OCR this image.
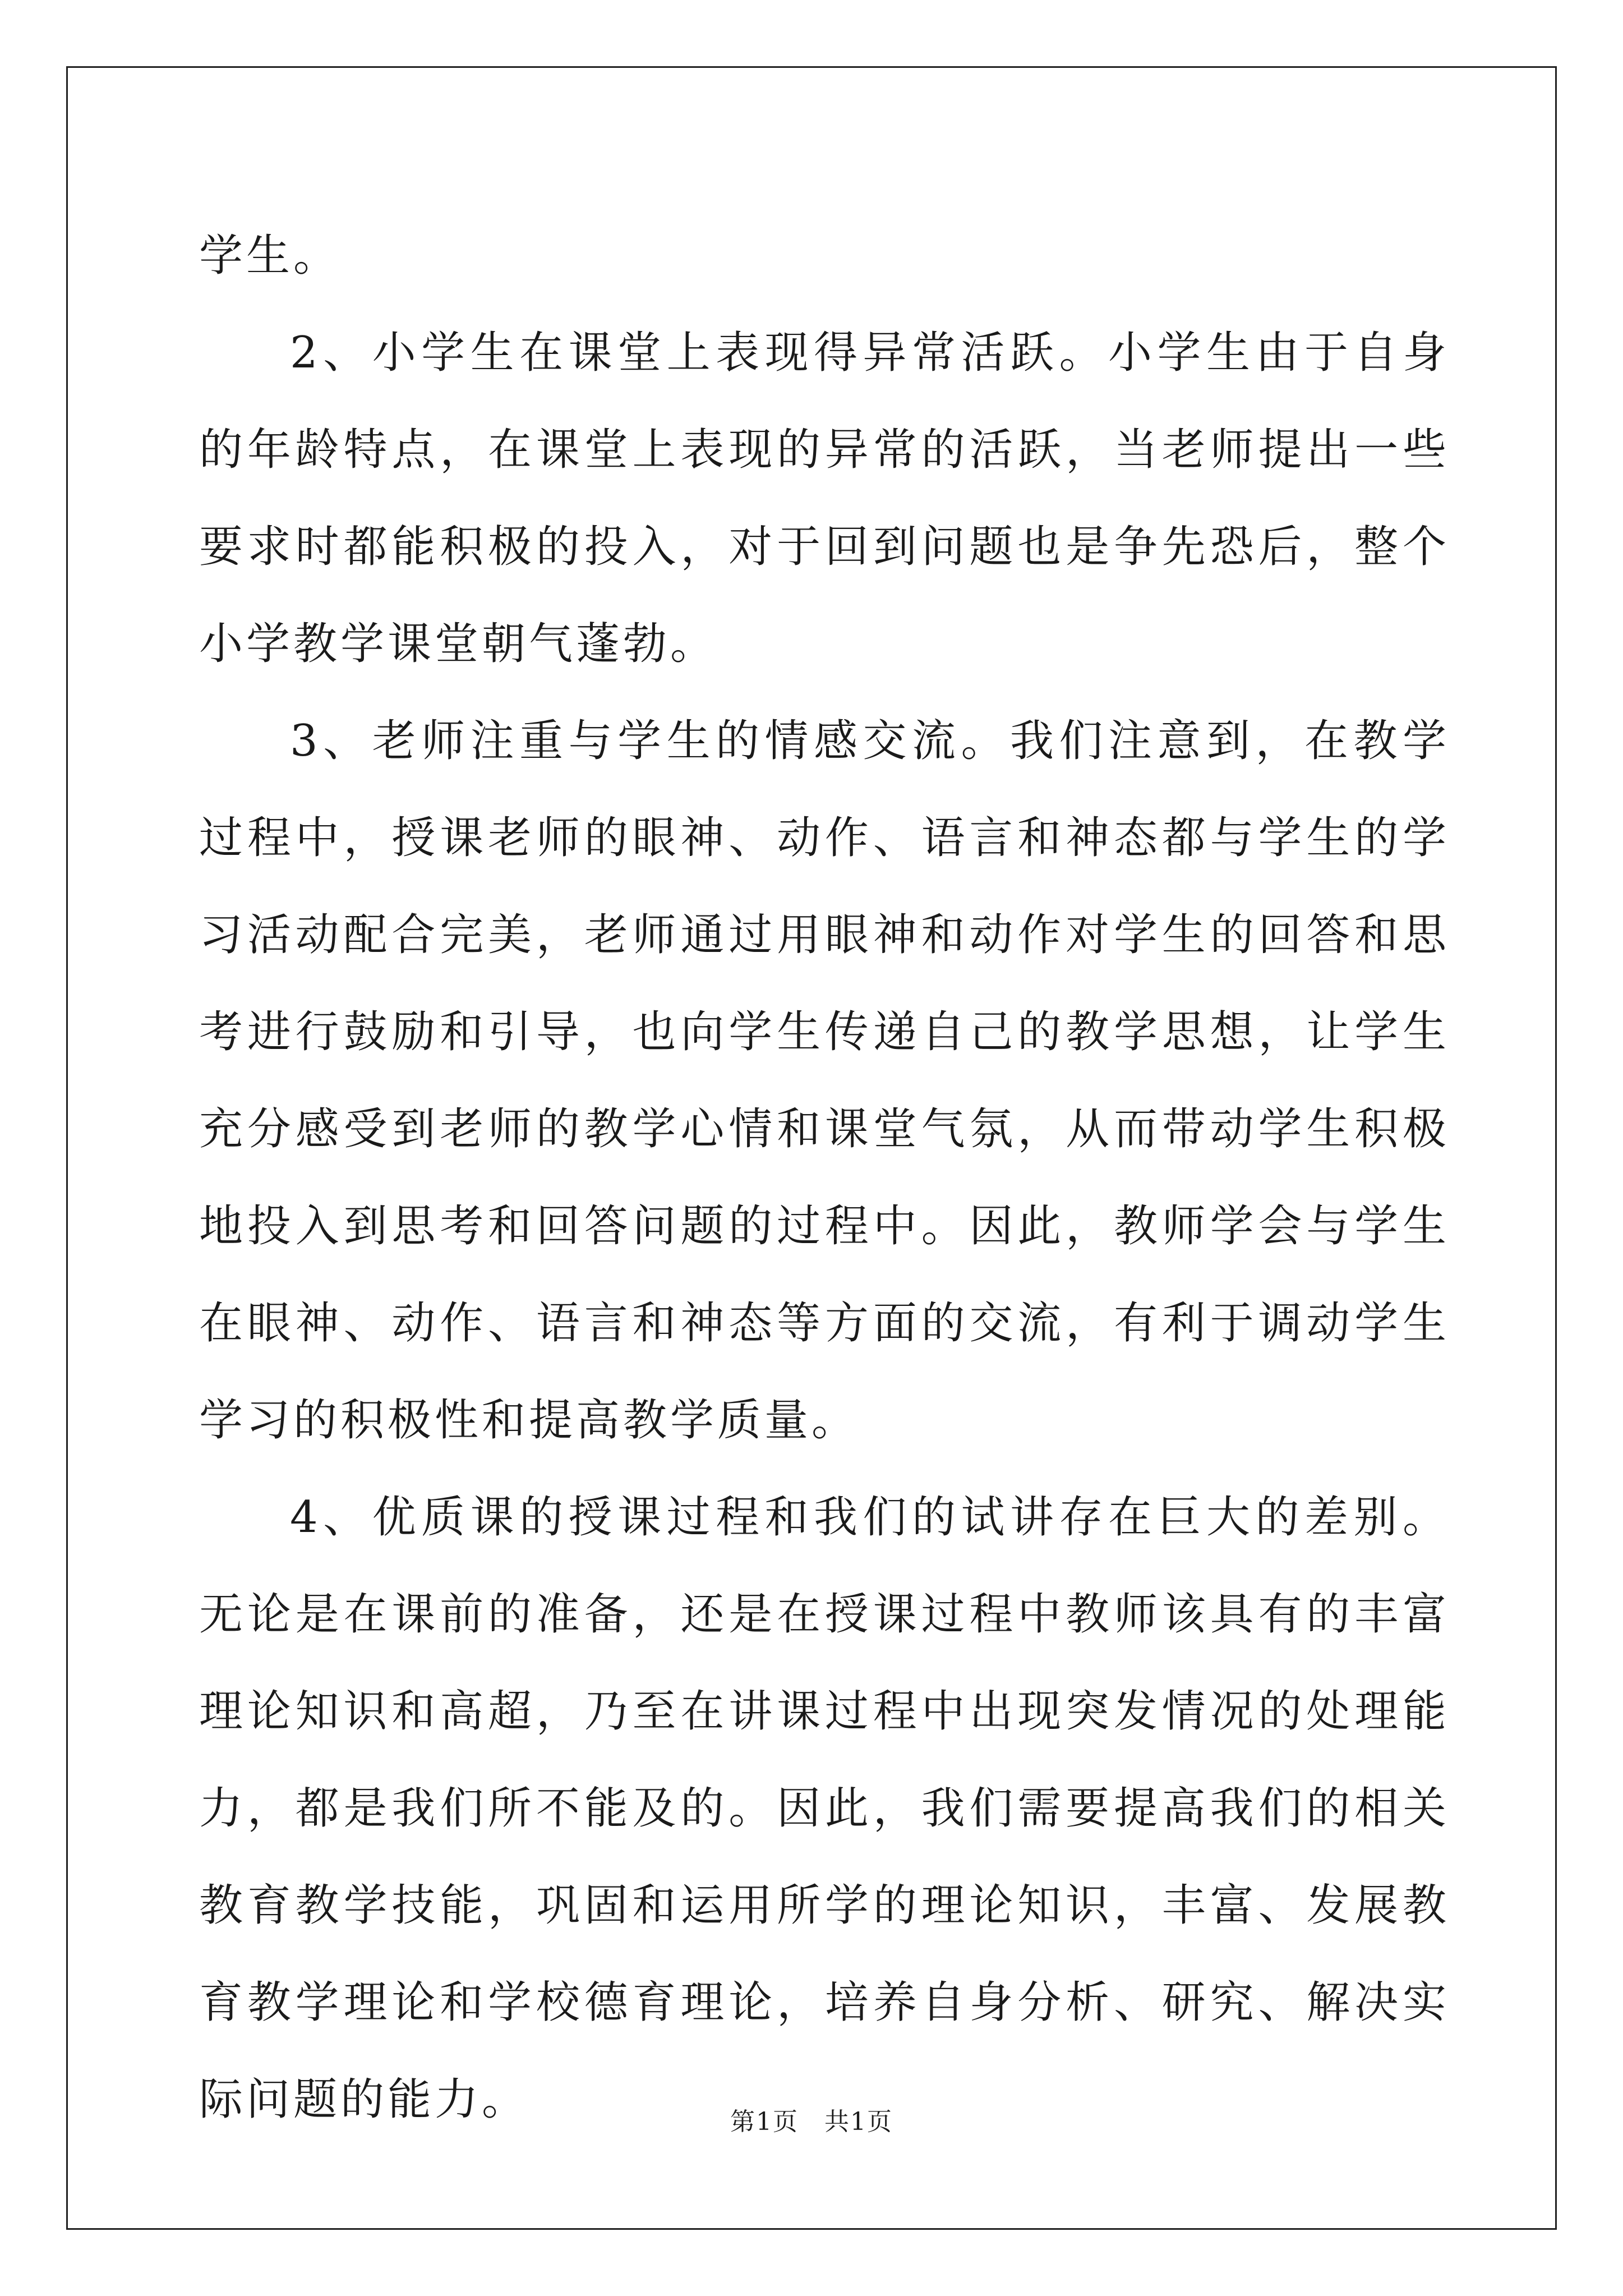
学生。

2、小学生在课堂上表现得异常活跃。小学生由于自身的年龄特点，在课堂上表现的异常的活跃，当老师提出一些要求时都能积极的投入，对于回到问题也是争先恐后，整个小学教学课堂朝气蓬勃。

3、老师注重与学生的情感交流。我们注意到，在教学过程中，授课老师的眼神、动作、语言和神态都与学生的学习活动配合完美，老师通过用眼神和动作对学生的回答和思考进行鼓励和引导，也向学生传递自己的教学思想，让学生充分感受到老师的教学心情和课堂气氛，从而带动学生积极地投入到思考和回答问题的过程中。因此，教师学会与学生在眼神、动作、语言和神态等方面的交流，有利于调动学生学习的积极性和提高教学质量。

4、优质课的授课过程和我们的试讲存在巨大的差别。无论是在课前的准备，还是在授课过程中教师该具有的丰富理论知识和高超，乃至在讲课过程中出现突发情况的处理能力，都是我们所不能及的。因此，我们需要提高我们的相关教育教学技能，巩固和运用所学的理论知识，丰富、发展教育教学理论和学校德育理论，培养自身分析、研究、解决实际问题的能力。	第1页　共1页
